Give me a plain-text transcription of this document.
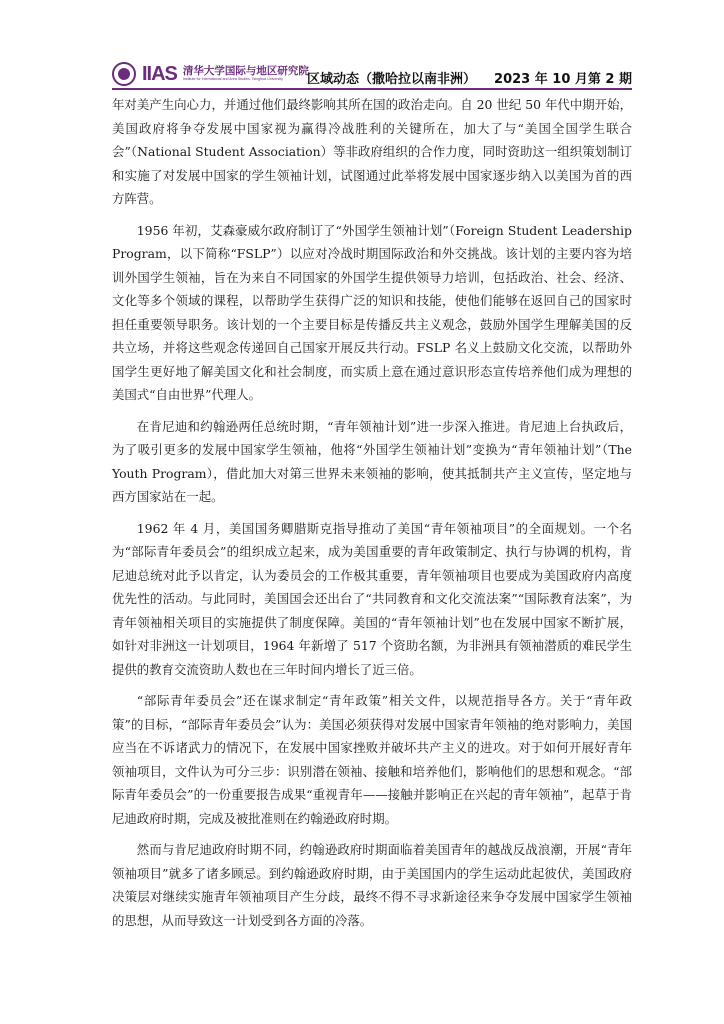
IIAS 清华大学国际与地区研究院
Institute for International and Area Studies, Tsinghua University	区域动态（撒哈拉以南非洲） 2023 年 10 月第 2 期

年对美产生向心力，并通过他们最终影响其所在国的政治走向。自 20 世纪 50 年代中期开始，美国政府将争夺发展中国家视为赢得冷战胜利的关键所在，加大了与“美国全国学生联合会”（National Student Association）等非政府组织的合作力度，同时资助这一组织策划制订和实施了对发展中国家的学生领袖计划，试图通过此举将发展中国家逐步纳入以美国为首的西方阵营。

1956 年初，艾森豪威尔政府制订了“外国学生领袖计划”（Foreign Student Leadership Program，以下简称“FSLP”）以应对冷战时期国际政治和外交挑战。该计划的主要内容为培训外国学生领袖，旨在为来自不同国家的外国学生提供领导力培训，包括政治、社会、经济、文化等多个领域的课程，以帮助学生获得广泛的知识和技能，使他们能够在返回自己的国家时担任重要领导职务。该计划的一个主要目标是传播反共主义观念，鼓励外国学生理解美国的反共立场，并将这些观念传递回自己国家开展反共行动。FSLP 名义上鼓励文化交流，以帮助外国学生更好地了解美国文化和社会制度，而实质上意在通过意识形态宣传培养他们成为理想的美国式“自由世界”代理人。

在肯尼迪和约翰逊两任总统时期，“青年领袖计划”进一步深入推进。肯尼迪上台执政后，为了吸引更多的发展中国家学生领袖，他将“外国学生领袖计划”变换为“青年领袖计划”（The Youth Program），借此加大对第三世界未来领袖的影响，使其抵制共产主义宣传，坚定地与西方国家站在一起。

1962 年 4 月，美国国务卿腊斯克指导推动了美国“青年领袖项目”的全面规划。一个名为“部际青年委员会”的组织成立起来，成为美国重要的青年政策制定、执行与协调的机构，肯尼迪总统对此予以肯定，认为委员会的工作极其重要，青年领袖项目也要成为美国政府内高度优先性的活动。与此同时，美国国会还出台了“共同教育和文化交流法案”“国际教育法案”，为青年领袖相关项目的实施提供了制度保障。美国的“青年领袖计划”也在发展中国家不断扩展，如针对非洲这一计划项目，1964 年新增了 517 个资助名额，为非洲具有领袖潜质的难民学生提供的教育交流资助人数也在三年时间内增长了近三倍。

“部际青年委员会”还在谋求制定“青年政策”相关文件，以规范指导各方。关于“青年政策”的目标，“部际青年委员会”认为：美国必须获得对发展中国家青年领袖的绝对影响力，美国应当在不诉诸武力的情况下，在发展中国家挫败并破坏共产主义的进攻。对于如何开展好青年领袖项目，文件认为可分三步：识别潜在领袖、接触和培养他们，影响他们的思想和观念。“部际青年委员会”的一份重要报告成果“重视青年——接触并影响正在兴起的青年领袖”，起草于肯尼迪政府时期，完成及被批准则在约翰逊政府时期。

然而与肯尼迪政府时期不同，约翰逊政府时期面临着美国青年的越战反战浪潮，开展“青年领袖项目”就多了诸多顾忌。到约翰逊政府时期，由于美国国内的学生运动此起彼伏，美国政府决策层对继续实施青年领袖项目产生分歧，最终不得不寻求新途径来争夺发展中国家学生领袖的思想，从而导致这一计划受到各方面的冷落。
